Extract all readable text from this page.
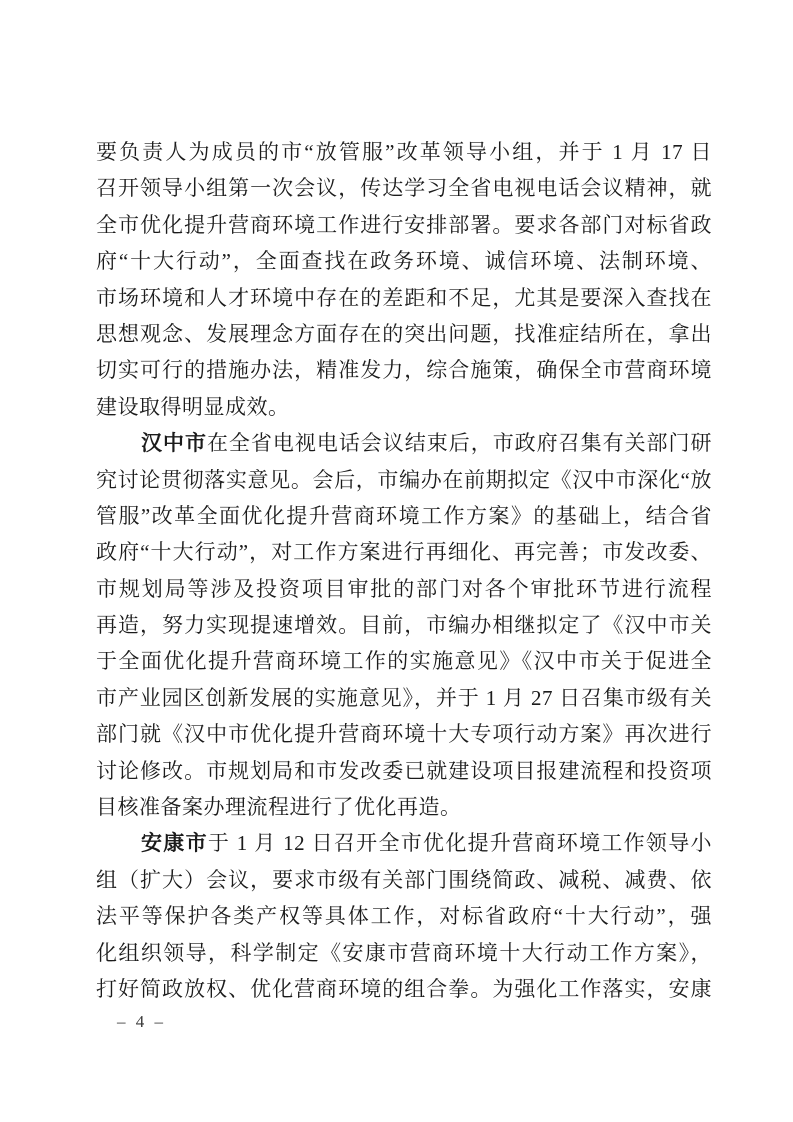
要负责人为成员的市“放管服”改革领导小组，并于 1 月 17 日
召开领导小组第一次会议，传达学习全省电视电话会议精神，就
全市优化提升营商环境工作进行安排部署。要求各部门对标省政
府“十大行动”，全面查找在政务环境、诚信环境、法制环境、
市场环境和人才环境中存在的差距和不足，尤其是要深入查找在
思想观念、发展理念方面存在的突出问题，找准症结所在，拿出
切实可行的措施办法，精准发力，综合施策，确保全市营商环境
建设取得明显成效。
汉中市在全省电视电话会议结束后，市政府召集有关部门研
究讨论贯彻落实意见。会后，市编办在前期拟定《汉中市深化“放
管服”改革全面优化提升营商环境工作方案》的基础上，结合省
政府“十大行动”，对工作方案进行再细化、再完善；市发改委、
市规划局等涉及投资项目审批的部门对各个审批环节进行流程
再造，努力实现提速增效。目前，市编办相继拟定了《汉中市关
于全面优化提升营商环境工作的实施意见》《汉中市关于促进全
市产业园区创新发展的实施意见》，并于 1 月 27 日召集市级有关
部门就《汉中市优化提升营商环境十大专项行动方案》再次进行
讨论修改。市规划局和市发改委已就建设项目报建流程和投资项
目核准备案办理流程进行了优化再造。
安康市于 1 月 12 日召开全市优化提升营商环境工作领导小
组（扩大）会议，要求市级有关部门围绕简政、减税、减费、依
法平等保护各类产权等具体工作，对标省政府“十大行动”，强
化组织领导，科学制定《安康市营商环境十大行动工作方案》，
打好简政放权、优化营商环境的组合拳。为强化工作落实，安康
– 4 –
